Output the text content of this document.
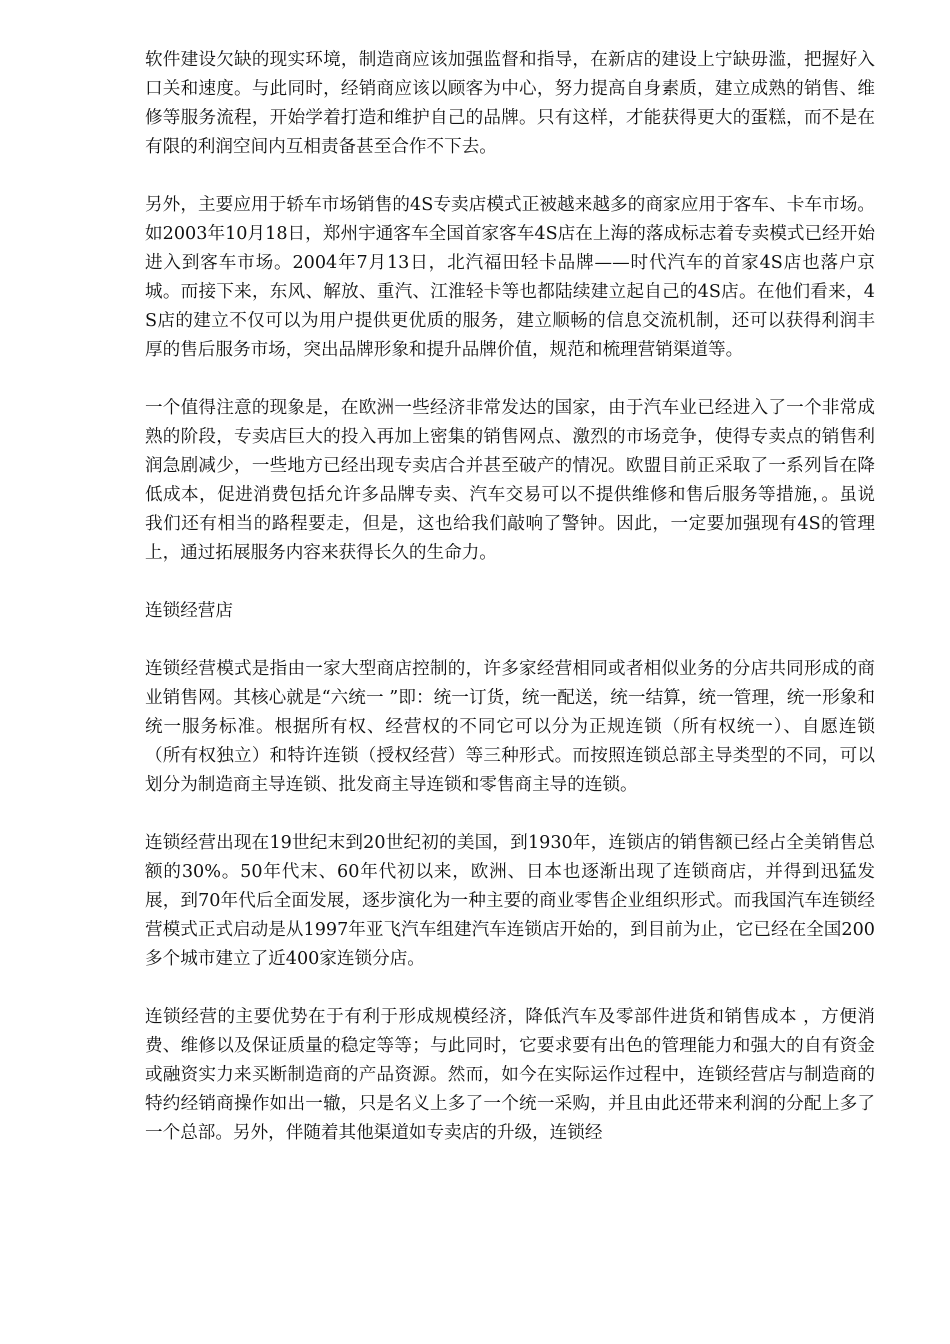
软件建设欠缺的现实环境，制造商应该加强监督和指导，在新店的建设上宁缺毋滥，把握好入口关和速度。与此同时，经销商应该以顾客为中心，努力提高自身素质，建立成熟的销售、维修等服务流程，开始学着打造和维护自己的品牌。只有这样，才能获得更大的蛋糕，而不是在有限的利润空间内互相责备甚至合作不下去。

另外，主要应用于轿车市场销售的4S专卖店模式正被越来越多的商家应用于客车、卡车市场。如2003年10月18日，郑州宇通客车全国首家客车4S店在上海的落成标志着专卖模式已经开始进入到客车市场。2004年7月13日，北汽福田轻卡品牌——时代汽车的首家4S店也落户京城。而接下来，东风、解放、重汽、江淮轻卡等也都陆续建立起自己的4S店。在他们看来，4S店的建立不仅可以为用户提供更优质的服务，建立顺畅的信息交流机制，还可以获得利润丰厚的售后服务市场，突出品牌形象和提升品牌价值，规范和梳理营销渠道等。

一个值得注意的现象是，在欧洲一些经济非常发达的国家，由于汽车业已经进入了一个非常成熟的阶段，专卖店巨大的投入再加上密集的销售网点、激烈的市场竞争，使得专卖点的销售利润急剧减少，一些地方已经出现专卖店合并甚至破产的情况。欧盟目前正采取了一系列旨在降低成本，促进消费包括允许多品牌专卖、汽车交易可以不提供维修和售后服务等措施，。虽说我们还有相当的路程要走，但是，这也给我们敲响了警钟。因此，一定要加强现有4S的管理上，通过拓展服务内容来获得长久的生命力。

连锁经营店

连锁经营模式是指由一家大型商店控制的，许多家经营相同或者相似业务的分店共同形成的商业销售网。其核心就是“六统一 ”即：统一订货，统一配送，统一结算，统一管理，统一形象和统一服务标准。根据所有权、经营权的不同它可以分为正规连锁（所有权统一）、自愿连锁（所有权独立）和特许连锁（授权经营）等三种形式。而按照连锁总部主导类型的不同，可以划分为制造商主导连锁、批发商主导连锁和零售商主导的连锁。

连锁经营出现在19世纪末到20世纪初的美国，到1930年，连锁店的销售额已经占全美销售总额的30%。50年代末、60年代初以来，欧洲、日本也逐渐出现了连锁商店，并得到迅猛发展，到70年代后全面发展，逐步演化为一种主要的商业零售企业组织形式。而我国汽车连锁经营模式正式启动是从1997年亚飞汽车组建汽车连锁店开始的，到目前为止，它已经在全国200多个城市建立了近400家连锁分店。

连锁经营的主要优势在于有利于形成规模经济，降低汽车及零部件进货和销售成本 ，方便消费、维修以及保证质量的稳定等等；与此同时，它要求要有出色的管理能力和强大的自有资金或融资实力来买断制造商的产品资源。然而，如今在实际运作过程中，连锁经营店与制造商的特约经销商操作如出一辙，只是名义上多了一个统一采购，并且由此还带来利润的分配上多了一个总部。另外，伴随着其他渠道如专卖店的升级，连锁经
